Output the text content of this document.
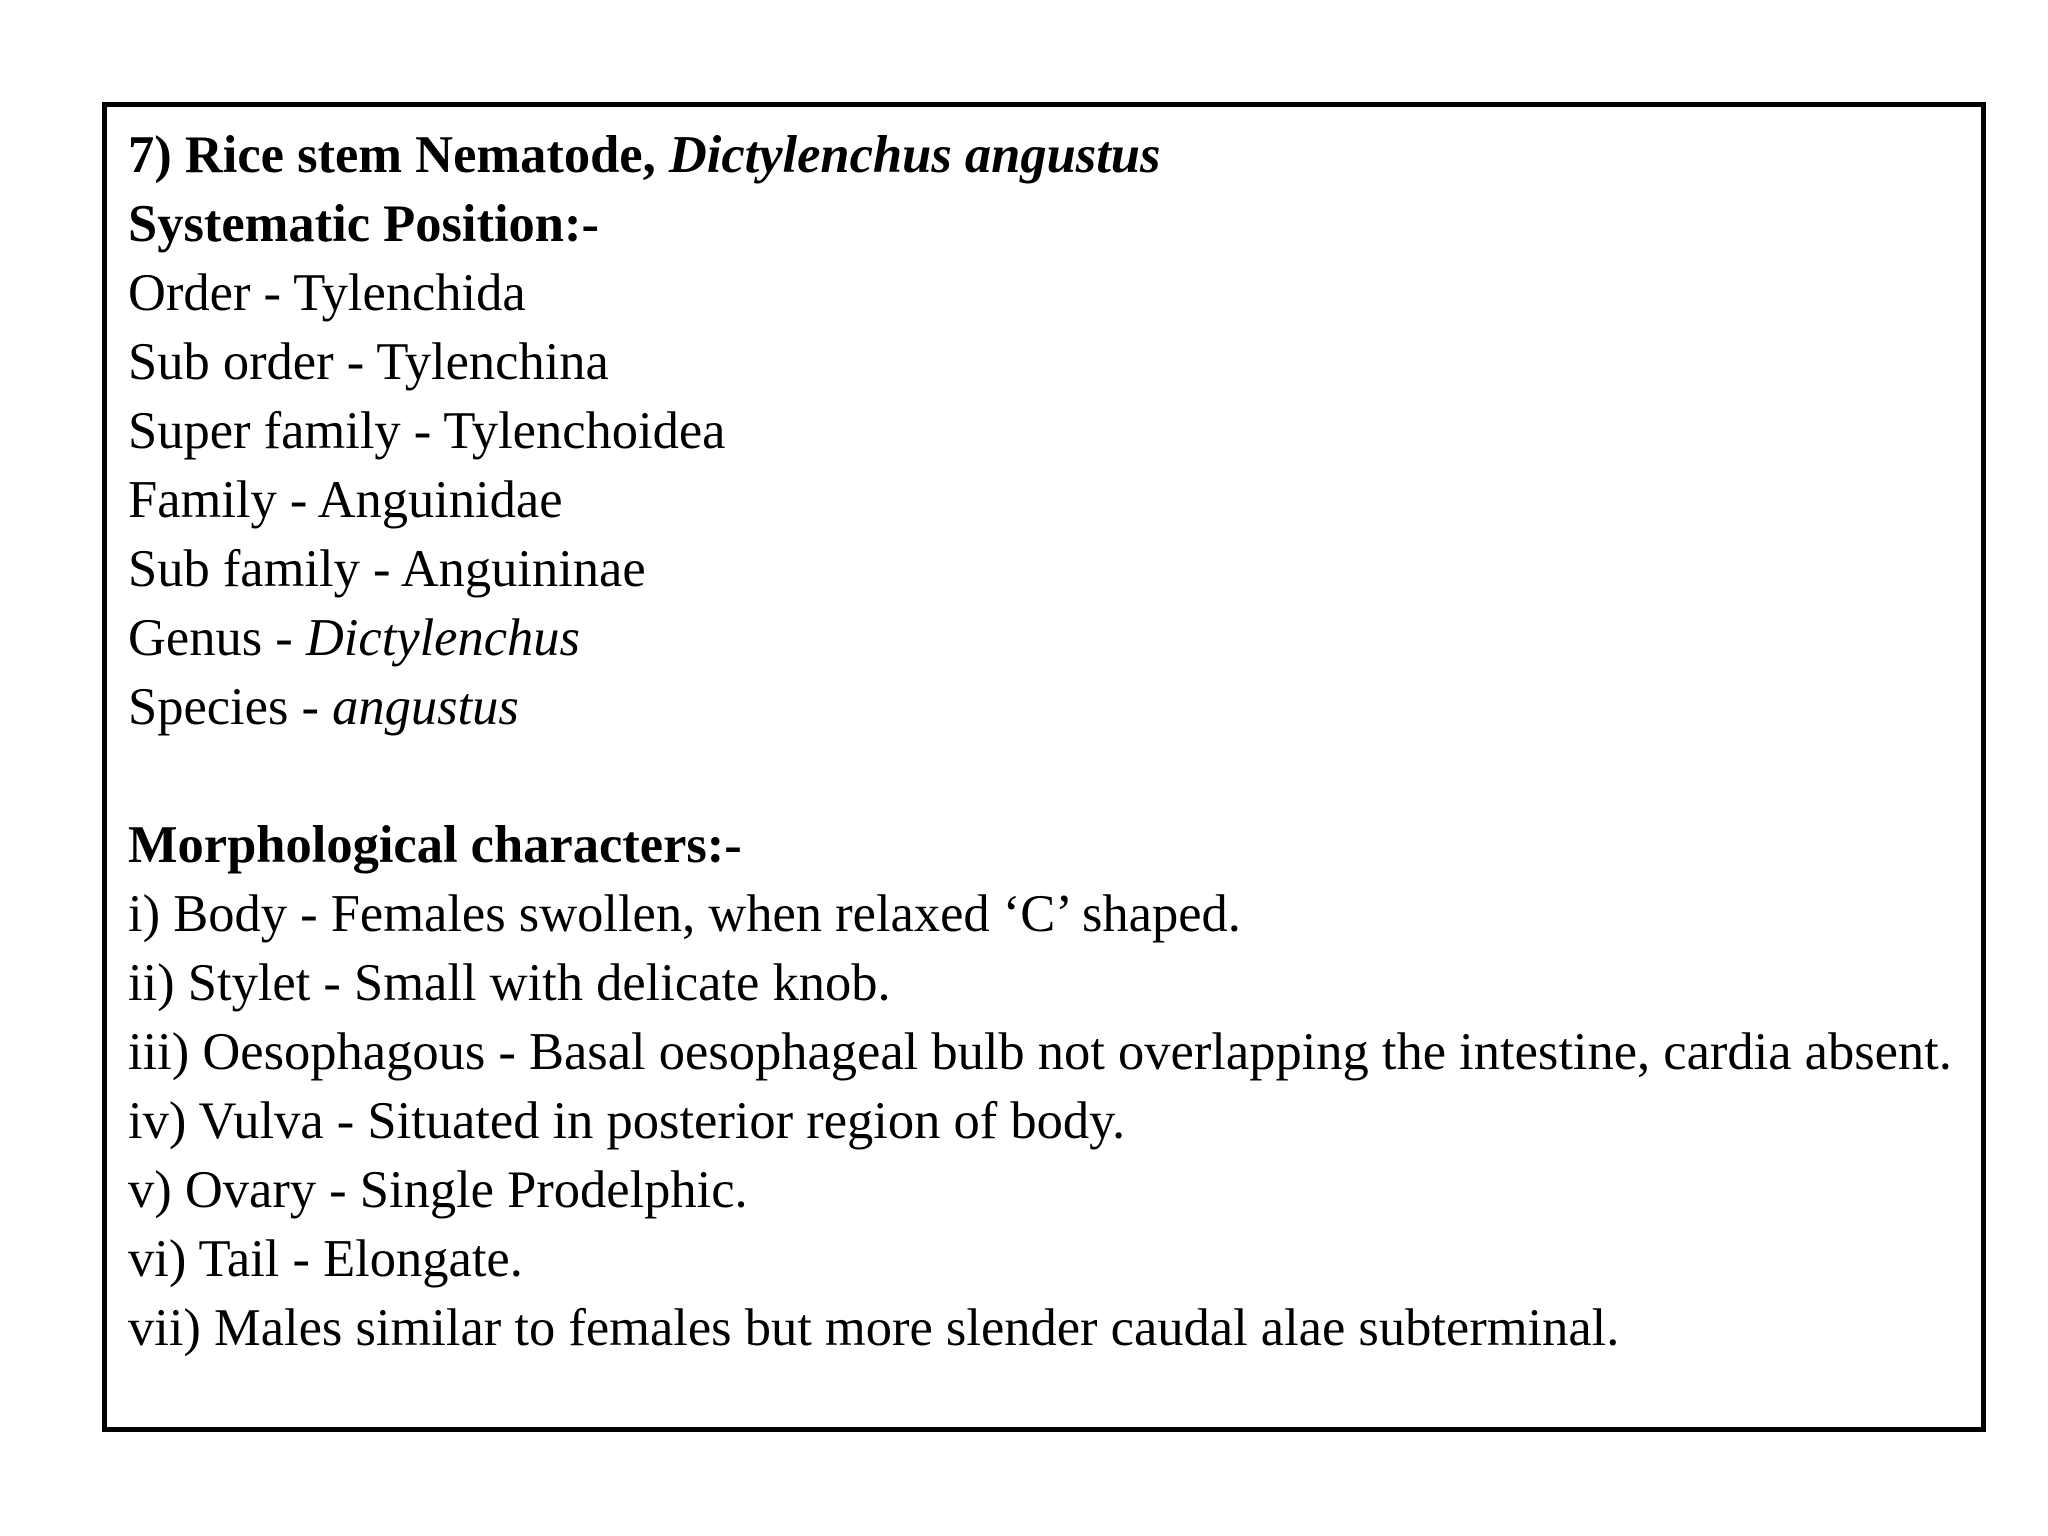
7) Rice stem Nematode, Dictylenchus angustus

Systematic Position:-

Order - Tylenchida

Sub order - Tylenchina

Super family - Tylenchoidea

Family - Anguinidae

Sub family - Anguininae

Genus - Dictylenchus

Species - angustus

Morphological characters:-

i) Body - Females swollen, when relaxed ‘C’ shaped.

ii) Stylet - Small with delicate knob.

iii) Oesophagous - Basal oesophageal bulb not overlapping the intestine, cardia absent.

iv) Vulva - Situated in posterior region of body.

v) Ovary - Single Prodelphic.

vi) Tail - Elongate.

vii) Males similar to females but more slender caudal alae subterminal.
